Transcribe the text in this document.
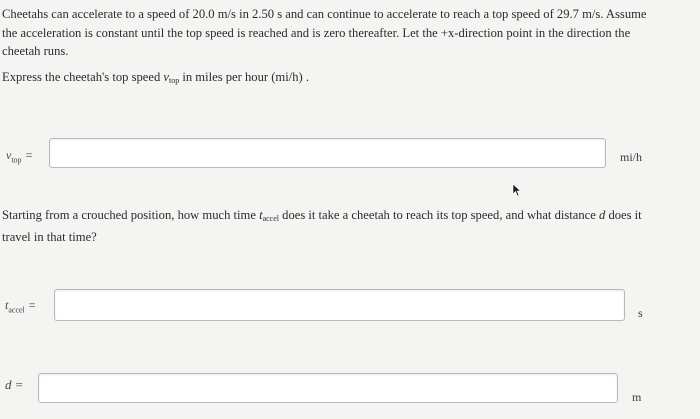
Cheetahs can accelerate to a speed of 20.0 m/s in 2.50 s and can continue to accelerate to reach a top speed of 29.7 m/s. Assume the acceleration is constant until the top speed is reached and is zero thereafter. Let the +x-direction point in the direction the cheetah runs.
Express the cheetah's top speed vtop in miles per hour (mi/h) .
$v_{top}$ =	mi/h
Starting from a crouched position, how much time taccel does it take a cheetah to reach its top speed, and what distance d does it travel in that time?
$t_{accel}$ =
s
d =
m
